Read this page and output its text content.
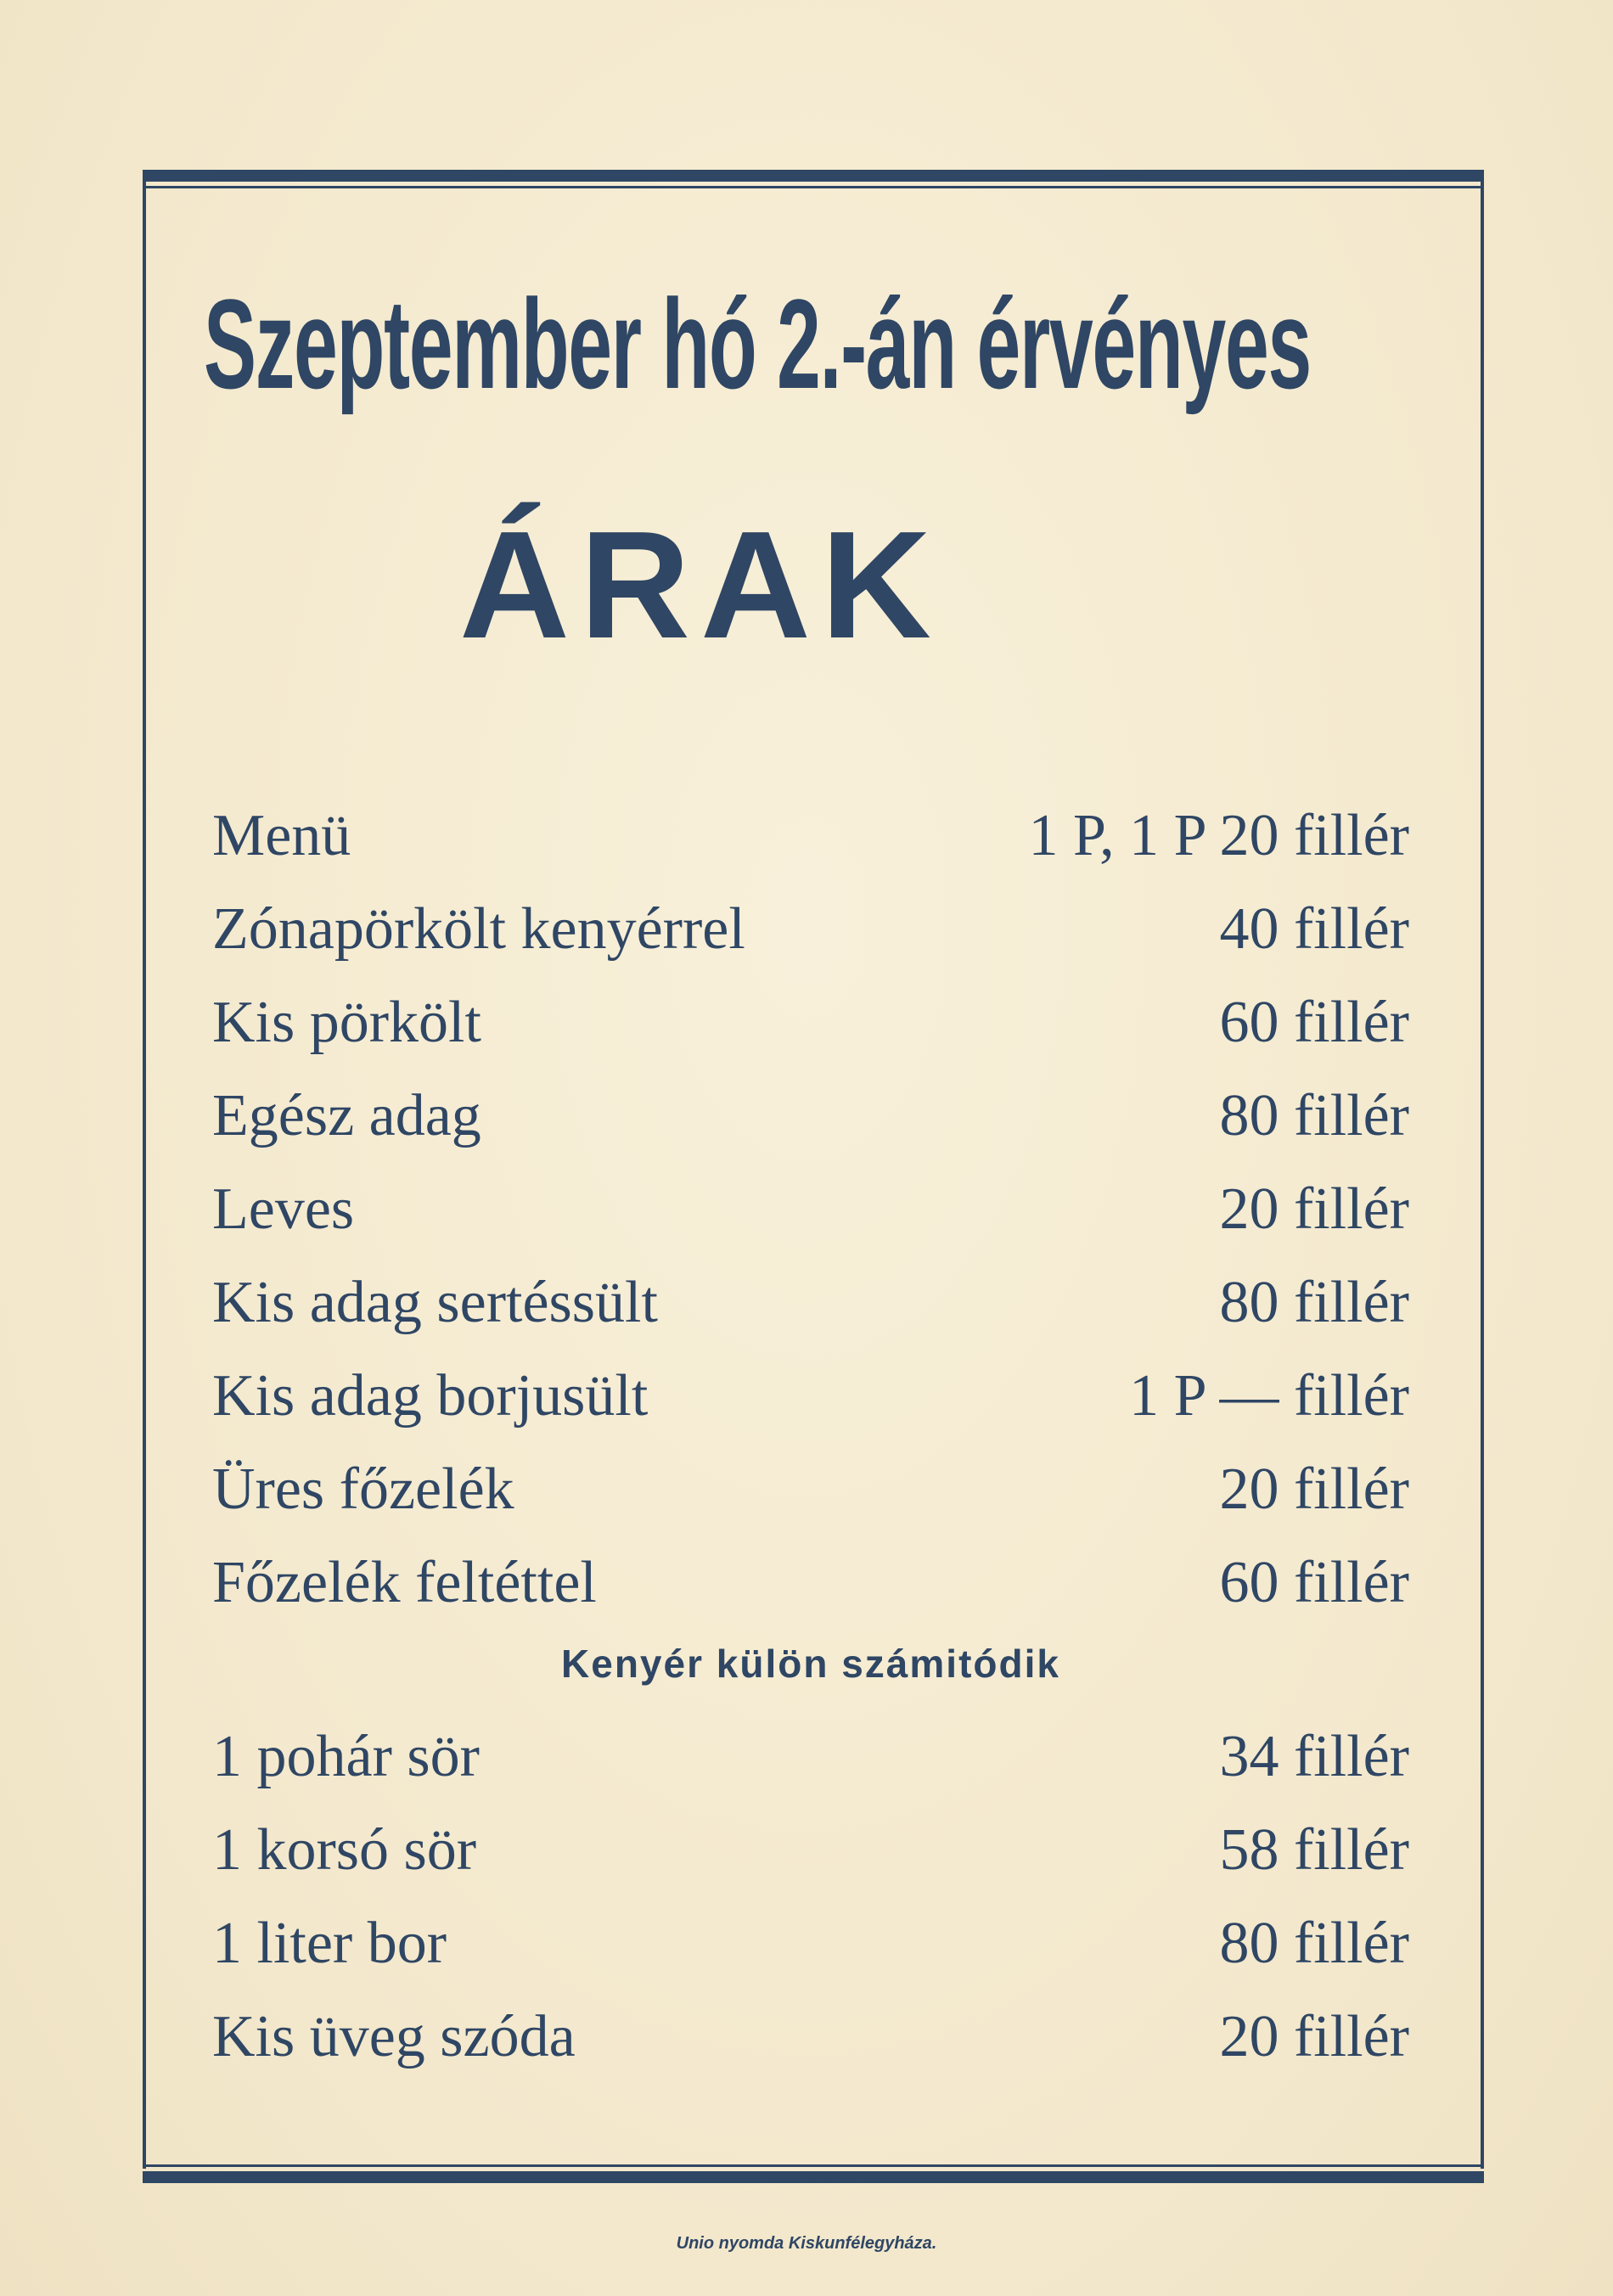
Szeptember hó 2.-án érvényes
ÁRAK
Menü	1 P, 1 P 20 fillér
Zónapörkölt kenyérrel	40 fillér
Kis pörkölt	60 fillér
Egész adag	80 fillér
Leves	20 fillér
Kis adag sertéssült	80 fillér
Kis adag borjusült	1 P — fillér
Üres főzelék	20 fillér
Főzelék feltéttel	60 fillér
Kenyér külön számitódik
1 pohár sör	34 fillér
1 korsó sör	58 fillér
1 liter bor	80 fillér
Kis üveg szóda	20 fillér
Unio nyomda Kiskunfélegyháza.
